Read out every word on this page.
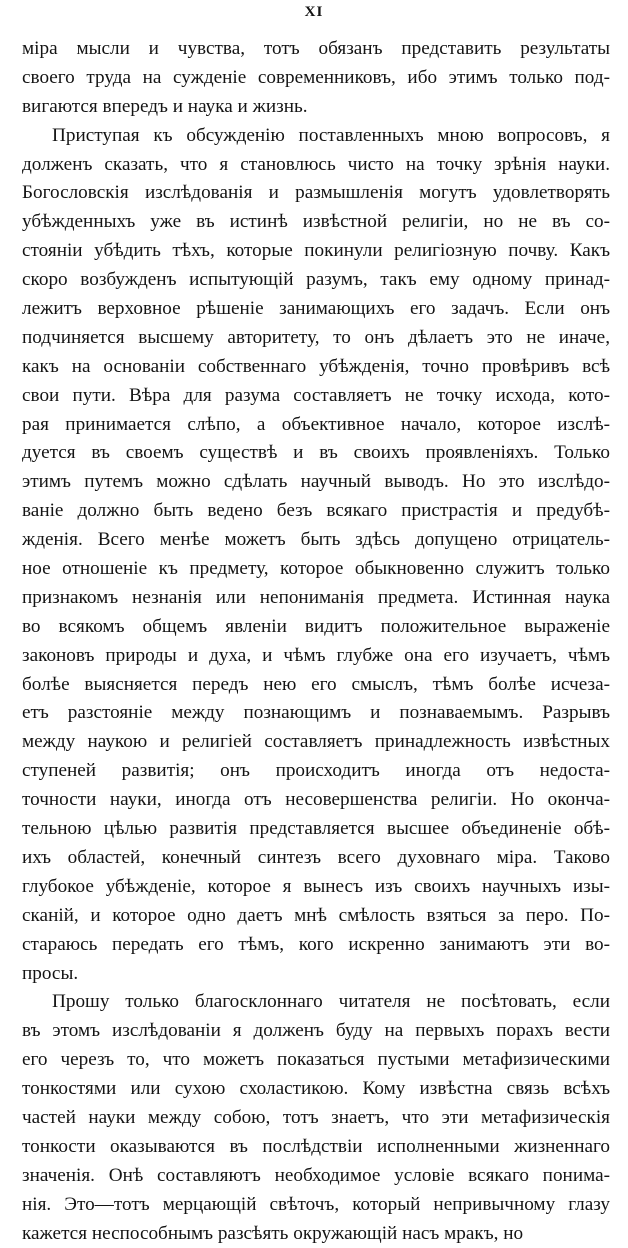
XI
міра мысли и чувства, тотъ обязанъ представить результаты
своего труда на сужденіе современниковъ, ибо этимъ только под-
вигаются впередъ и наука и жизнь.
Приступая къ обсужденію поставленныхъ мною вопросовъ, я
долженъ сказать, что я становлюсь чисто на точку зрѣнія науки.
Богословскія изслѣдованія и размышленія могутъ удовлетворять
убѣжденныхъ уже въ истинѣ извѣстной религіи, но не въ со-
стояніи убѣдить тѣхъ, которые покинули религіозную почву. Какъ
скоро возбужденъ испытующій разумъ, такъ ему одному принад-
лежитъ верховное рѣшеніе занимающихъ его задачъ. Если онъ
подчиняется высшему авторитету, то онъ дѣлаетъ это не иначе,
какъ на основаніи собственнаго убѣжденія, точно провѣривъ всѣ
свои пути. Вѣра для разума составляетъ не точку исхода, кото-
рая принимается слѣпо, а объективное начало, которое изслѣ-
дуется въ своемъ существѣ и въ своихъ проявленіяхъ. Только
этимъ путемъ можно сдѣлать научный выводъ. Но это изслѣдо-
ваніе должно быть ведено безъ всякаго пристрастія и предубѣ-
жденія. Всего менѣе можетъ быть здѣсь допущено отрицатель-
ное отношеніе къ предмету, которое обыкновенно служитъ только
признакомъ незнанія или непониманія предмета. Истинная наука
во всякомъ общемъ явленіи видитъ положительное выраженіе
законовъ природы и духа, и чѣмъ глубже она его изучаетъ, чѣмъ
болѣе выясняется передъ нею его смыслъ, тѣмъ болѣе исчеза-
етъ разстояніе между познающимъ и познаваемымъ. Разрывъ
между наукою и религіей составляетъ принадлежность извѣстных
ступеней развитія; онъ происходитъ иногда отъ недоста-
точности науки, иногда отъ несовершенства религіи. Но оконча-
тельною цѣлью развитія представляется высшее объединеніе обѣ-
ихъ областей, конечный синтезъ всего духовнаго міра. Таково
глубокое убѣжденіе, которое я вынесъ изъ своихъ научныхъ изы-
сканій, и которое одно даетъ мнѣ смѣлость взяться за перо. По-
стараюсь передать его тѣмъ, кого искренно занимаютъ эти во-
просы.
Прошу только благосклоннаго читателя не посѣтовать, если
въ этомъ изслѣдованіи я долженъ буду на первыхъ порахъ вести
его черезъ то, что можетъ показаться пустыми метафизическими
тонкостями или сухою схоластикою. Кому извѣстна связь всѣхъ
частей науки между собою, тотъ знаетъ, что эти метафизическія
тонкости оказываются въ послѣдствіи исполненными жизненнаго
значенія. Онѣ составляютъ необходимое условіе всякаго понима-
нія. Это—тотъ мерцающій свѣточъ, который непривычному глазу
кажется неспособнымъ разсѣять окружающій насъ мракъ, но
